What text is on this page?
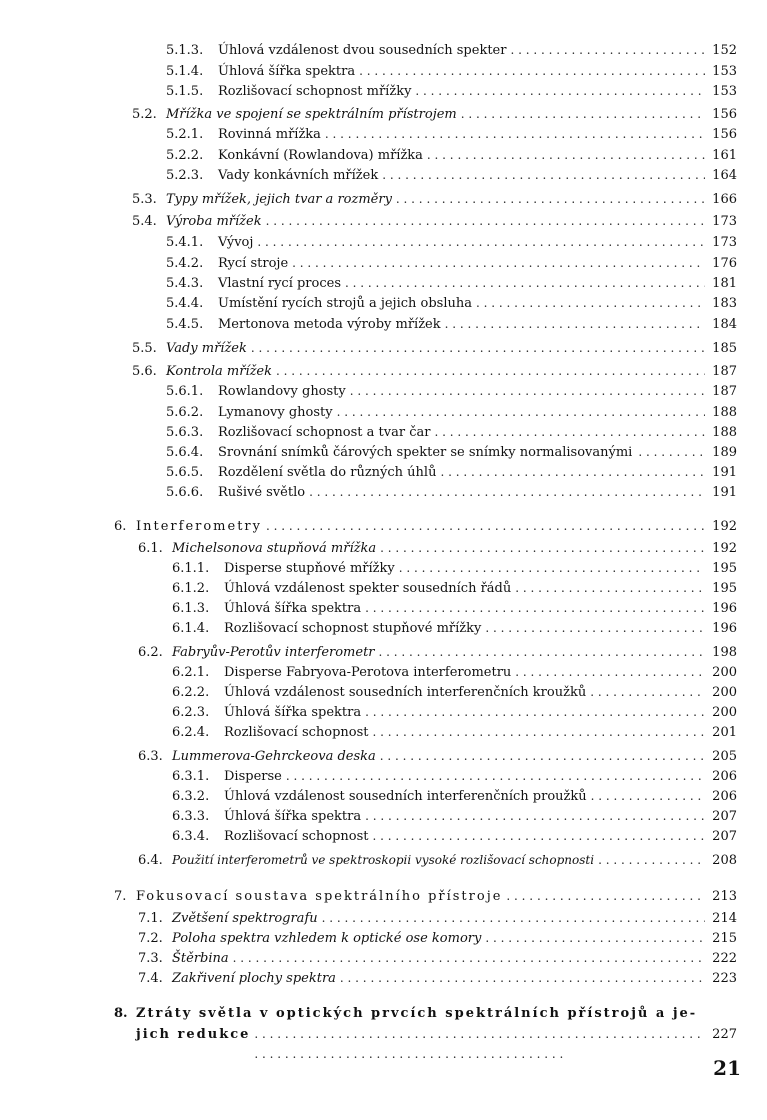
5.1.3.	Úhlová vzdálenost dvou sousedních spekter . . .	152
5.1.4.	Úhlová šířka spektra . . .	153
5.1.5.	Rozlišovací schopnost mřížky . . .	153
5.2. Mřížka ve spojení se spektrálním přístrojem . . .	156
5.2.1.	Rovinná mřížka . . .	156
5.2.2.	Konkávní (Rowlandova) mřížka . . .	161
5.2.3.	Vady konkávních mřížek . . .	164
5.3. Typy mřížek, jejich tvar a rozměry . . .	166
5.4. Výroba mřížek . . .	173
5.4.1.	Vývoj . . .	173
5.4.2.	Rycí stroje . . .	176
5.4.3.	Vlastní rycí proces . . .	181
5.4.4.	Umístění rycích strojů a jejich obsluha . . .	183
5.4.5.	Mertonova metoda výroby mřížek . . .	184
5.5. Vady mřížek . . .	185
5.6. Kontrola mřížek . . .	187
5.6.1.	Rowlandovy ghosty . . .	187
5.6.2.	Lymanovy ghosty . . .	188
5.6.3.	Rozlišovací schopnost a tvar čar . . .	188
5.6.4.	Srovnání snímků čárových spekter se snímky normalisovanými . . .	189
5.6.5.	Rozdělení světla do různých úhlů . . .	191
5.6.6.	Rušivé světlo . . .	191
6. Interferometry . . .	192
6.1. Michelsonova stupňová mřížka . . .	192
6.1.1.	Disperse stupňové mřížky . . .	195
6.1.2.	Úhlová vzdálenost spekter sousedních řádů . . .	195
6.1.3.	Úhlová šířka spektra . . .	196
6.1.4.	Rozlišovací schopnost stupňové mřížky . . .	196
6.2. Fabryův-Perotův interferometr . . .	198
6.2.1.	Disperse Fabryova-Perotova interferometru . . .	200
6.2.2.	Úhlová vzdálenost sousedních interferenčních kroužků . . .	200
6.2.3.	Úhlová šířka spektra . . .	200
6.2.4.	Rozlišovací schopnost . . .	201
6.3. Lummerova-Gehrckeova deska . . .	205
6.3.1.	Disperse . . .	206
6.3.2.	Úhlová vzdálenost sousedních interferenčních proužků . . .	206
6.3.3.	Úhlová šířka spektra . . .	207
6.3.4.	Rozlišovací schopnost . . .	207
6.4. Použití interferometrů ve spektroskopii vysoké rozlišovací schopnosti . . .	208
7. Fokusovací soustava spektrálního přístroje . . .	213
7.1. Zvětšení spektrografu . . .	214
7.2. Poloha spektra vzhledem k optické ose komory . . .	215
7.3. Štěrbina . . .	222
7.4. Zakřivení plochy spektra . . .	223
8. Ztráty světla v optických prvcích spektrálních přístrojů a je-
jich redukce . . .	227
21
